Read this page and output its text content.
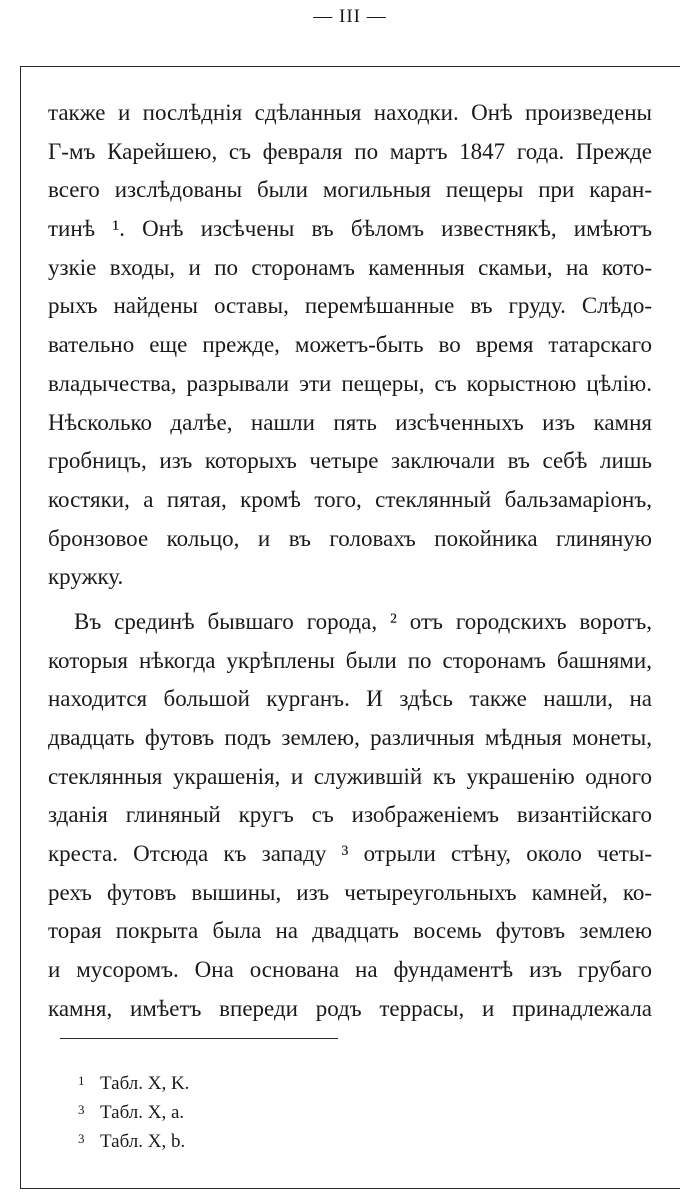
— III —
также и послѣднія сдѣланныя находки. Онѣ произведены
Г-мъ Карейшею, съ февраля по мартъ 1847 года. Прежде
всего изслѣдованы были могильныя пещеры при каран-
тинѣ ¹. Онѣ изсѣчены въ бѣломъ известнякѣ, имѣютъ
узкіе входы, и по сторонамъ каменныя скамьи, на кото-
рыхъ найдены оставы, перемѣшанные въ груду. Слѣдо-
вательно еще прежде, можетъ-быть во время татарскаго
владычества, разрывали эти пещеры, съ корыстною цѣлію.
Нѣсколько далѣе, нашли пять изсѣченныхъ изъ камня
гробницъ, изъ которыхъ четыре заключали въ себѣ лишь
костяки, а пятая, кромѣ того, стеклянный бальзамаріонъ,
бронзовое кольцо, и въ головахъ покойника глиняную
кружку.
Въ срединѣ бывшаго города, ² отъ городскихъ воротъ,
которыя нѣкогда укрѣплены были по сторонамъ башнями,
находится большой курганъ. И здѣсь также нашли, на
двадцать футовъ подъ землею, различныя мѣдныя монеты,
стеклянныя украшенія, и служившій къ украшенію одного
зданія глиняный кругъ съ изображеніемъ византійскаго
креста. Отсюда къ западу ³ отрыли стѣну, около четы-
рехъ футовъ вышины, изъ четыреугольныхъ камней, ко-
торая покрыта была на двадцать восемь футовъ землею
и мусоромъ. Она основана на фундаментѣ изъ грубаго
камня, имѣетъ впереди родъ террасы, и принадлежала
1 Табл. X, K.
3 Табл. X, a.
3 Табл. X, b.
